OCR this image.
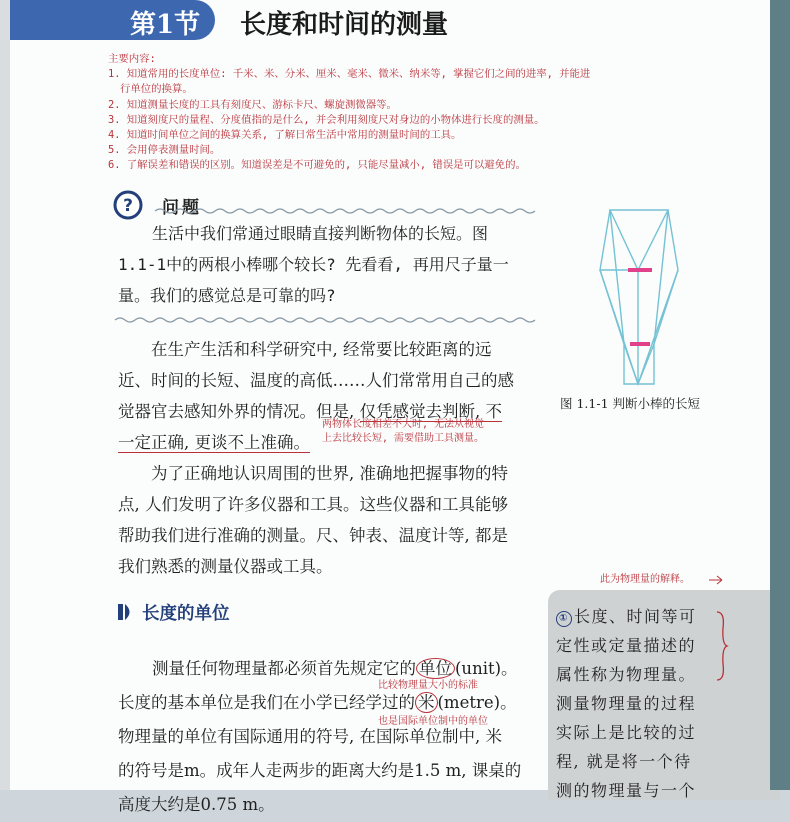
第1节 长度和时间的测量
主要内容:
1. 知道常用的长度单位: 千米、米、分米、厘米、毫米、微米、纳米等, 掌握它们之间的进率, 并能进
行单位的换算。
2. 知道测量长度的工具有刻度尺、游标卡尺、螺旋测微器等。
3. 知道刻度尺的量程、分度值指的是什么, 并会利用刻度尺对身边的小物体进行长度的测量。
4. 知道时间单位之间的换算关系, 了解日常生活中常用的测量时间的工具。
5. 会用停表测量时间。
6. 了解误差和错误的区别。知道误差是不可避免的, 只能尽量减小, 错误是可以避免的。
? 问题
生活中我们常通过眼睛直接判断物体的长短。图
1.1-1中的两根小棒哪个较长? 先看看, 再用尺子量一
量。我们的感觉总是可靠的吗?
在生产生活和科学研究中, 经常要比较距离的远
近、时间的长短、温度的高低……人们常常用自己的感
觉器官去感知外界的情况。但是, 仅凭感觉去判断, 不
一定正确, 更谈不上准确。
两物体长度相差不大时, 无法从视觉
上去比较长短, 需要借助工具测量。
为了正确地认识周围的世界, 准确地把握事物的特
点, 人们发明了许多仪器和工具。这些仪器和工具能够
帮助我们进行准确的测量。尺、钟表、温度计等, 都是
我们熟悉的测量仪器或工具。
图 1.1-1 判断小棒的长短
长度的单位
此为物理量的解释。
测量任何物理量都必须首先规定它的 单位 (unit)。
长度的基本单位是我们在小学已经学过的 米 (metre)。
物理量的单位有国际通用的符号, 在国际单位制中, 米
的符号是m。成年人走两步的距离大约是1.5 m, 课桌的
高度大约是0.75 m。
比较物理量大小的标准
也是国际单位制中的单位
① 长度、时间等可
定性或定量描述的
属性称为物理量。
测量物理量的过程
实际上是比较的过
程, 就是将一个待
测的物理量与一个
